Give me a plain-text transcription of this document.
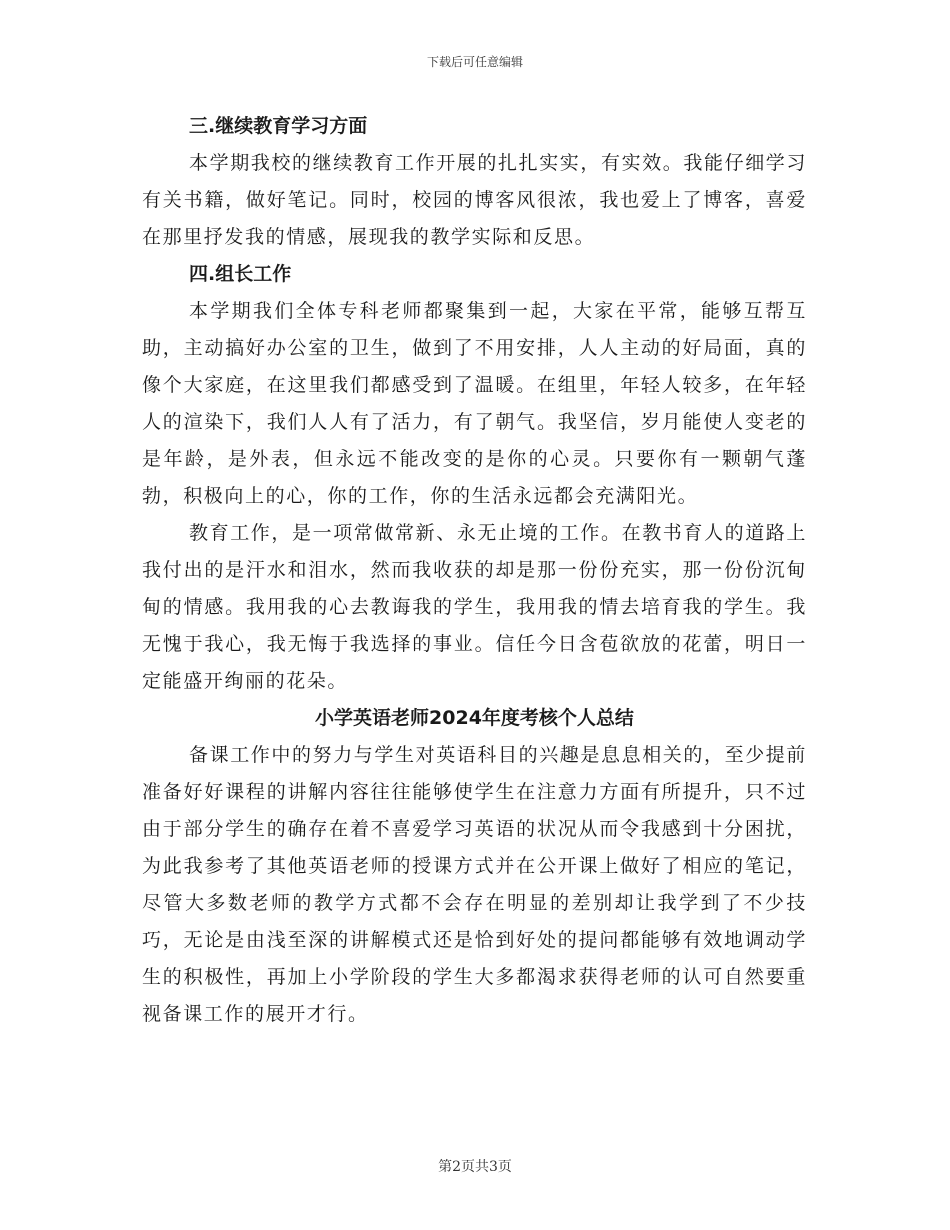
下载后可任意编辑
三.继续教育学习方面

本学期我校的继续教育工作开展的扎扎实实，有实效。我能仔细学习有关书籍，做好笔记。同时，校园的博客风很浓，我也爱上了博客，喜爱在那里抒发我的情感，展现我的教学实际和反思。

四.组长工作

本学期我们全体专科老师都聚集到一起，大家在平常，能够互帮互助，主动搞好办公室的卫生，做到了不用安排，人人主动的好局面，真的像个大家庭，在这里我们都感受到了温暖。在组里，年轻人较多，在年轻人的渲染下，我们人人有了活力，有了朝气。我坚信，岁月能使人变老的是年龄，是外表，但永远不能改变的是你的心灵。只要你有一颗朝气蓬勃，积极向上的心，你的工作，你的生活永远都会充满阳光。

教育工作，是一项常做常新、永无止境的工作。在教书育人的道路上我付出的是汗水和泪水，然而我收获的却是那一份份充实，那一份份沉甸甸的情感。我用我的心去教诲我的学生，我用我的情去培育我的学生。我无愧于我心，我无悔于我选择的事业。信任今日含苞欲放的花蕾，明日一定能盛开绚丽的花朵。

小学英语老师2024年度考核个人总结

备课工作中的努力与学生对英语科目的兴趣是息息相关的，至少提前准备好好课程的讲解内容往往能够使学生在注意力方面有所提升，只不过由于部分学生的确存在着不喜爱学习英语的状况从而令我感到十分困扰，为此我参考了其他英语老师的授课方式并在公开课上做好了相应的笔记，尽管大多数老师的教学方式都不会存在明显的差别却让我学到了不少技巧，无论是由浅至深的讲解模式还是恰到好处的提问都能够有效地调动学生的积极性，再加上小学阶段的学生大多都渴求获得老师的认可自然要重视备课工作的展开才行。

第2页共3页
